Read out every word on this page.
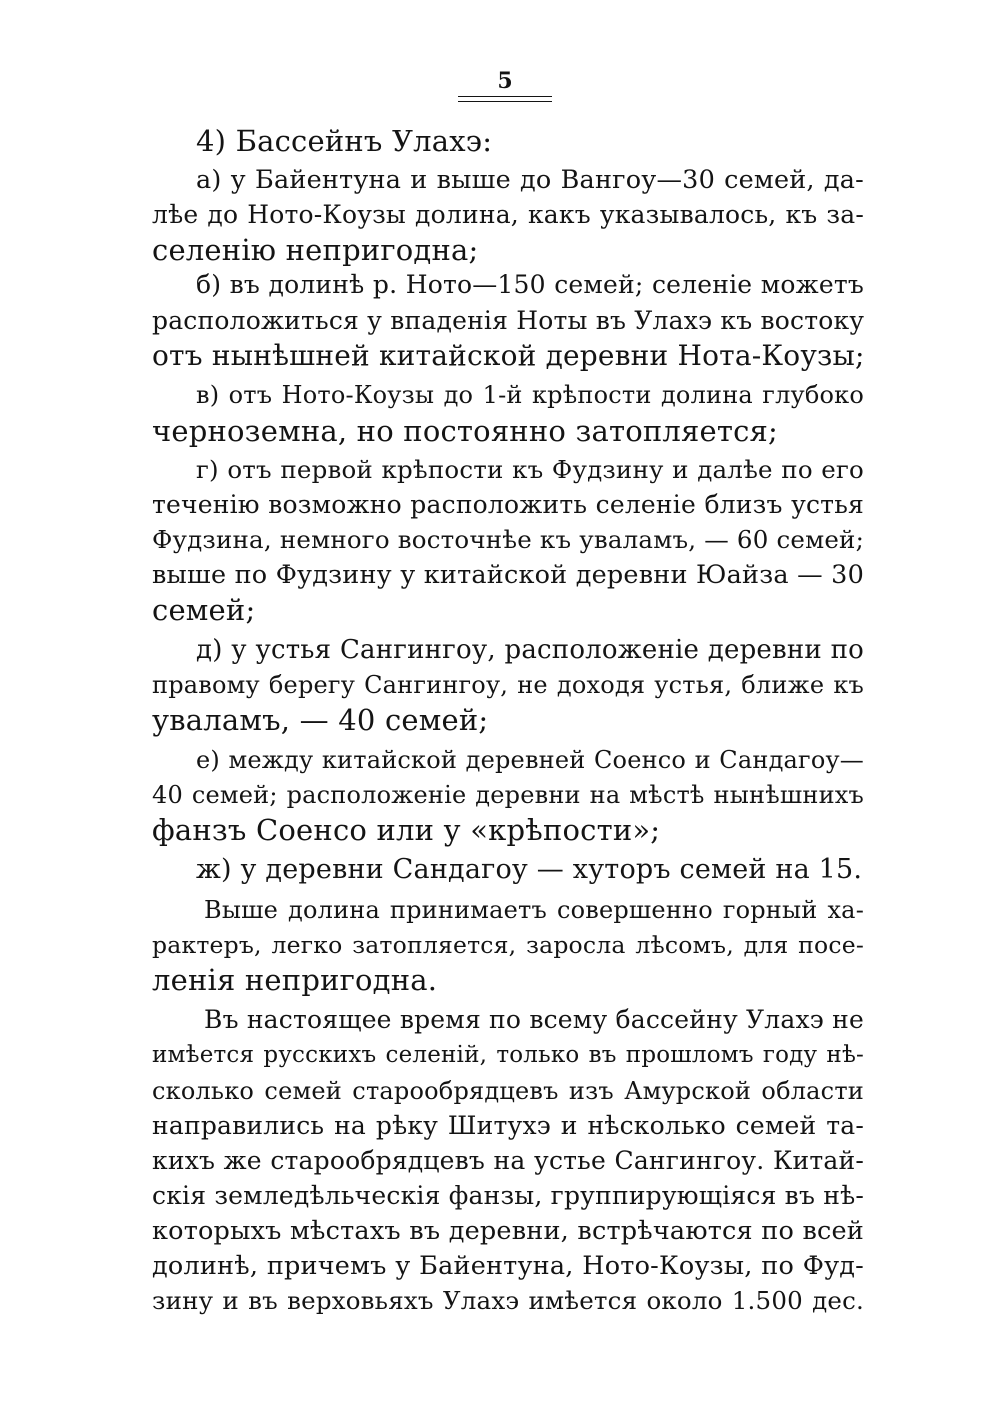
5
4) Бассейнъ Улахэ:
а) у Байентуна и выше до Вангоу—30 семей, да-
лѣе до Ното-Коузы долина, какъ указывалось, къ за-
селенію непригодна;
б) въ долинѣ р. Ното—150 семей; селеніе можетъ
расположиться у впаденія Ноты въ Улахэ къ востоку
отъ нынѣшней китайской деревни Нота-Коузы;
в) отъ Ното-Коузы до 1-й крѣпости долина глубоко
черноземна, но постоянно затопляется;
г) отъ первой крѣпости къ Фудзину и далѣе по его
теченію возможно расположить селеніе близъ устья
Фудзина, немного восточнѣе къ уваламъ, — 60 семей;
выше по Фудзину у китайской деревни Юайза — 30
семей;
д) у устья Сангингоу, расположеніе деревни по
правому берегу Сангингоу, не доходя устья, ближе къ
уваламъ, — 40 семей;
е) между китайской деревней Соенсо и Сандагоу—
40 семей; расположеніе деревни на мѣстѣ нынѣшнихъ
фанзъ Соенсо или у «крѣпости»;
ж) у деревни Сандагоу — хуторъ семей на 15.
Выше долина принимаетъ совершенно горный ха-
рактеръ, легко затопляется, заросла лѣсомъ, для посе-
ленія непригодна.
Въ настоящее время по всему бассейну Улахэ не
имѣется русскихъ селеній, только въ прошломъ году нѣ-
сколько семей старообрядцевъ изъ Амурской области
направились на рѣку Шитухэ и нѣсколько семей та-
кихъ же старообрядцевъ на устье Сангингоу. Китай-
скія земледѣльческія фанзы, группирующіяся въ нѣ-
которыхъ мѣстахъ въ деревни, встрѣчаются по всей
долинѣ, причемъ у Байентуна, Ното-Коузы, по Фуд-
зину и въ верховьяхъ Улахэ имѣется около 1.500 дес.
